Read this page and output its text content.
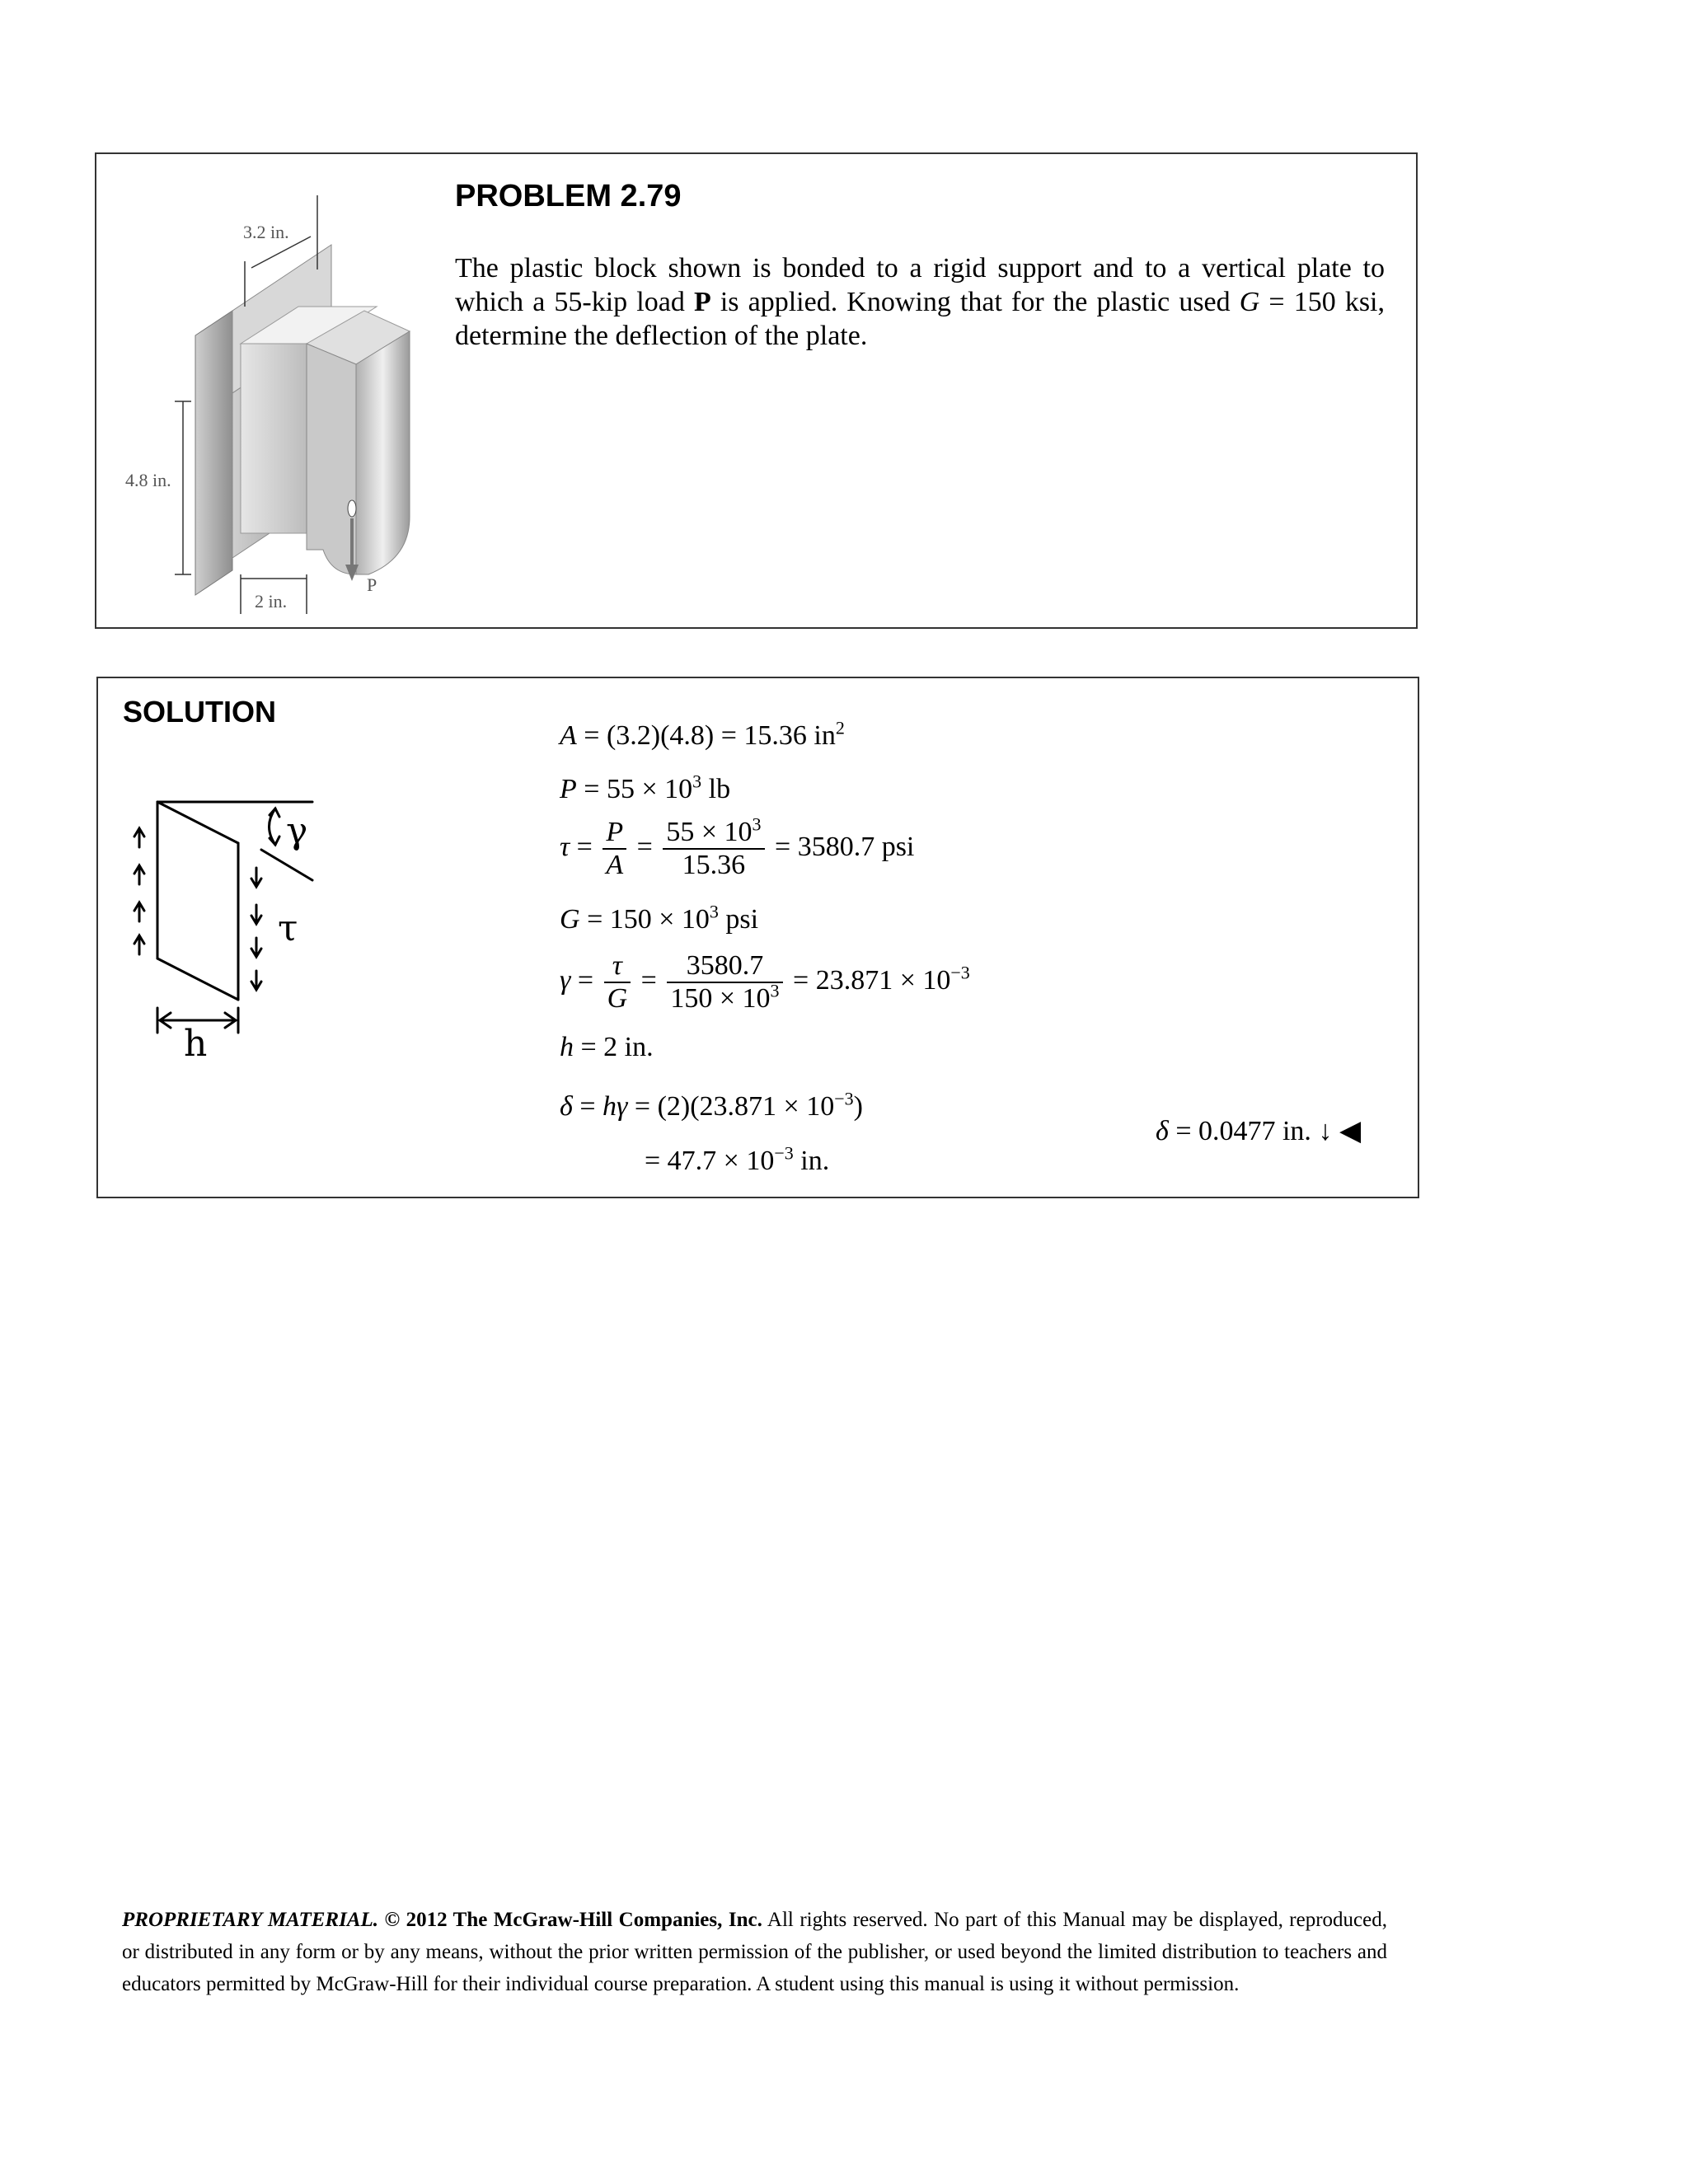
P
3.2 in.
4.8 in.
2 in.
PROBLEM 2.79

The plastic block shown is bonded to a rigid support and to a vertical plate to which a 55-kip load P is applied. Knowing that for the plastic used G = 150 ksi, determine the deflection of the plate.

SOLUTION
γ
τ
h
A = (3.2)(4.8) = 15.36 $in^2$
$P = 55 \times 10^3$ lb
$\tau = \frac{P}{A} = \frac{55 \times 10^3}{15.36} = 3580.7$ psi
$G = 150 \times 10^3$ psi
$\gamma = \frac{\tau}{G} = \frac{3580.7}{150 \times 10^3} = 23.871 \times 10^{-3}$
h = 2 in.
$\delta = h\gamma = (2)(23.871 \times 10^{-3})$
= $47.7 \times 10^{-3}$ in.
δ = 0.0477 in. ↓ ◀
PROPRIETARY MATERIAL. © 2012 The McGraw-Hill Companies, Inc. All rights reserved. No part of this Manual may be displayed, reproduced, or distributed in any form or by any means, without the prior written permission of the publisher, or used beyond the limited distribution to teachers and educators permitted by McGraw-Hill for their individual course preparation. A student using this manual is using it without permission.
